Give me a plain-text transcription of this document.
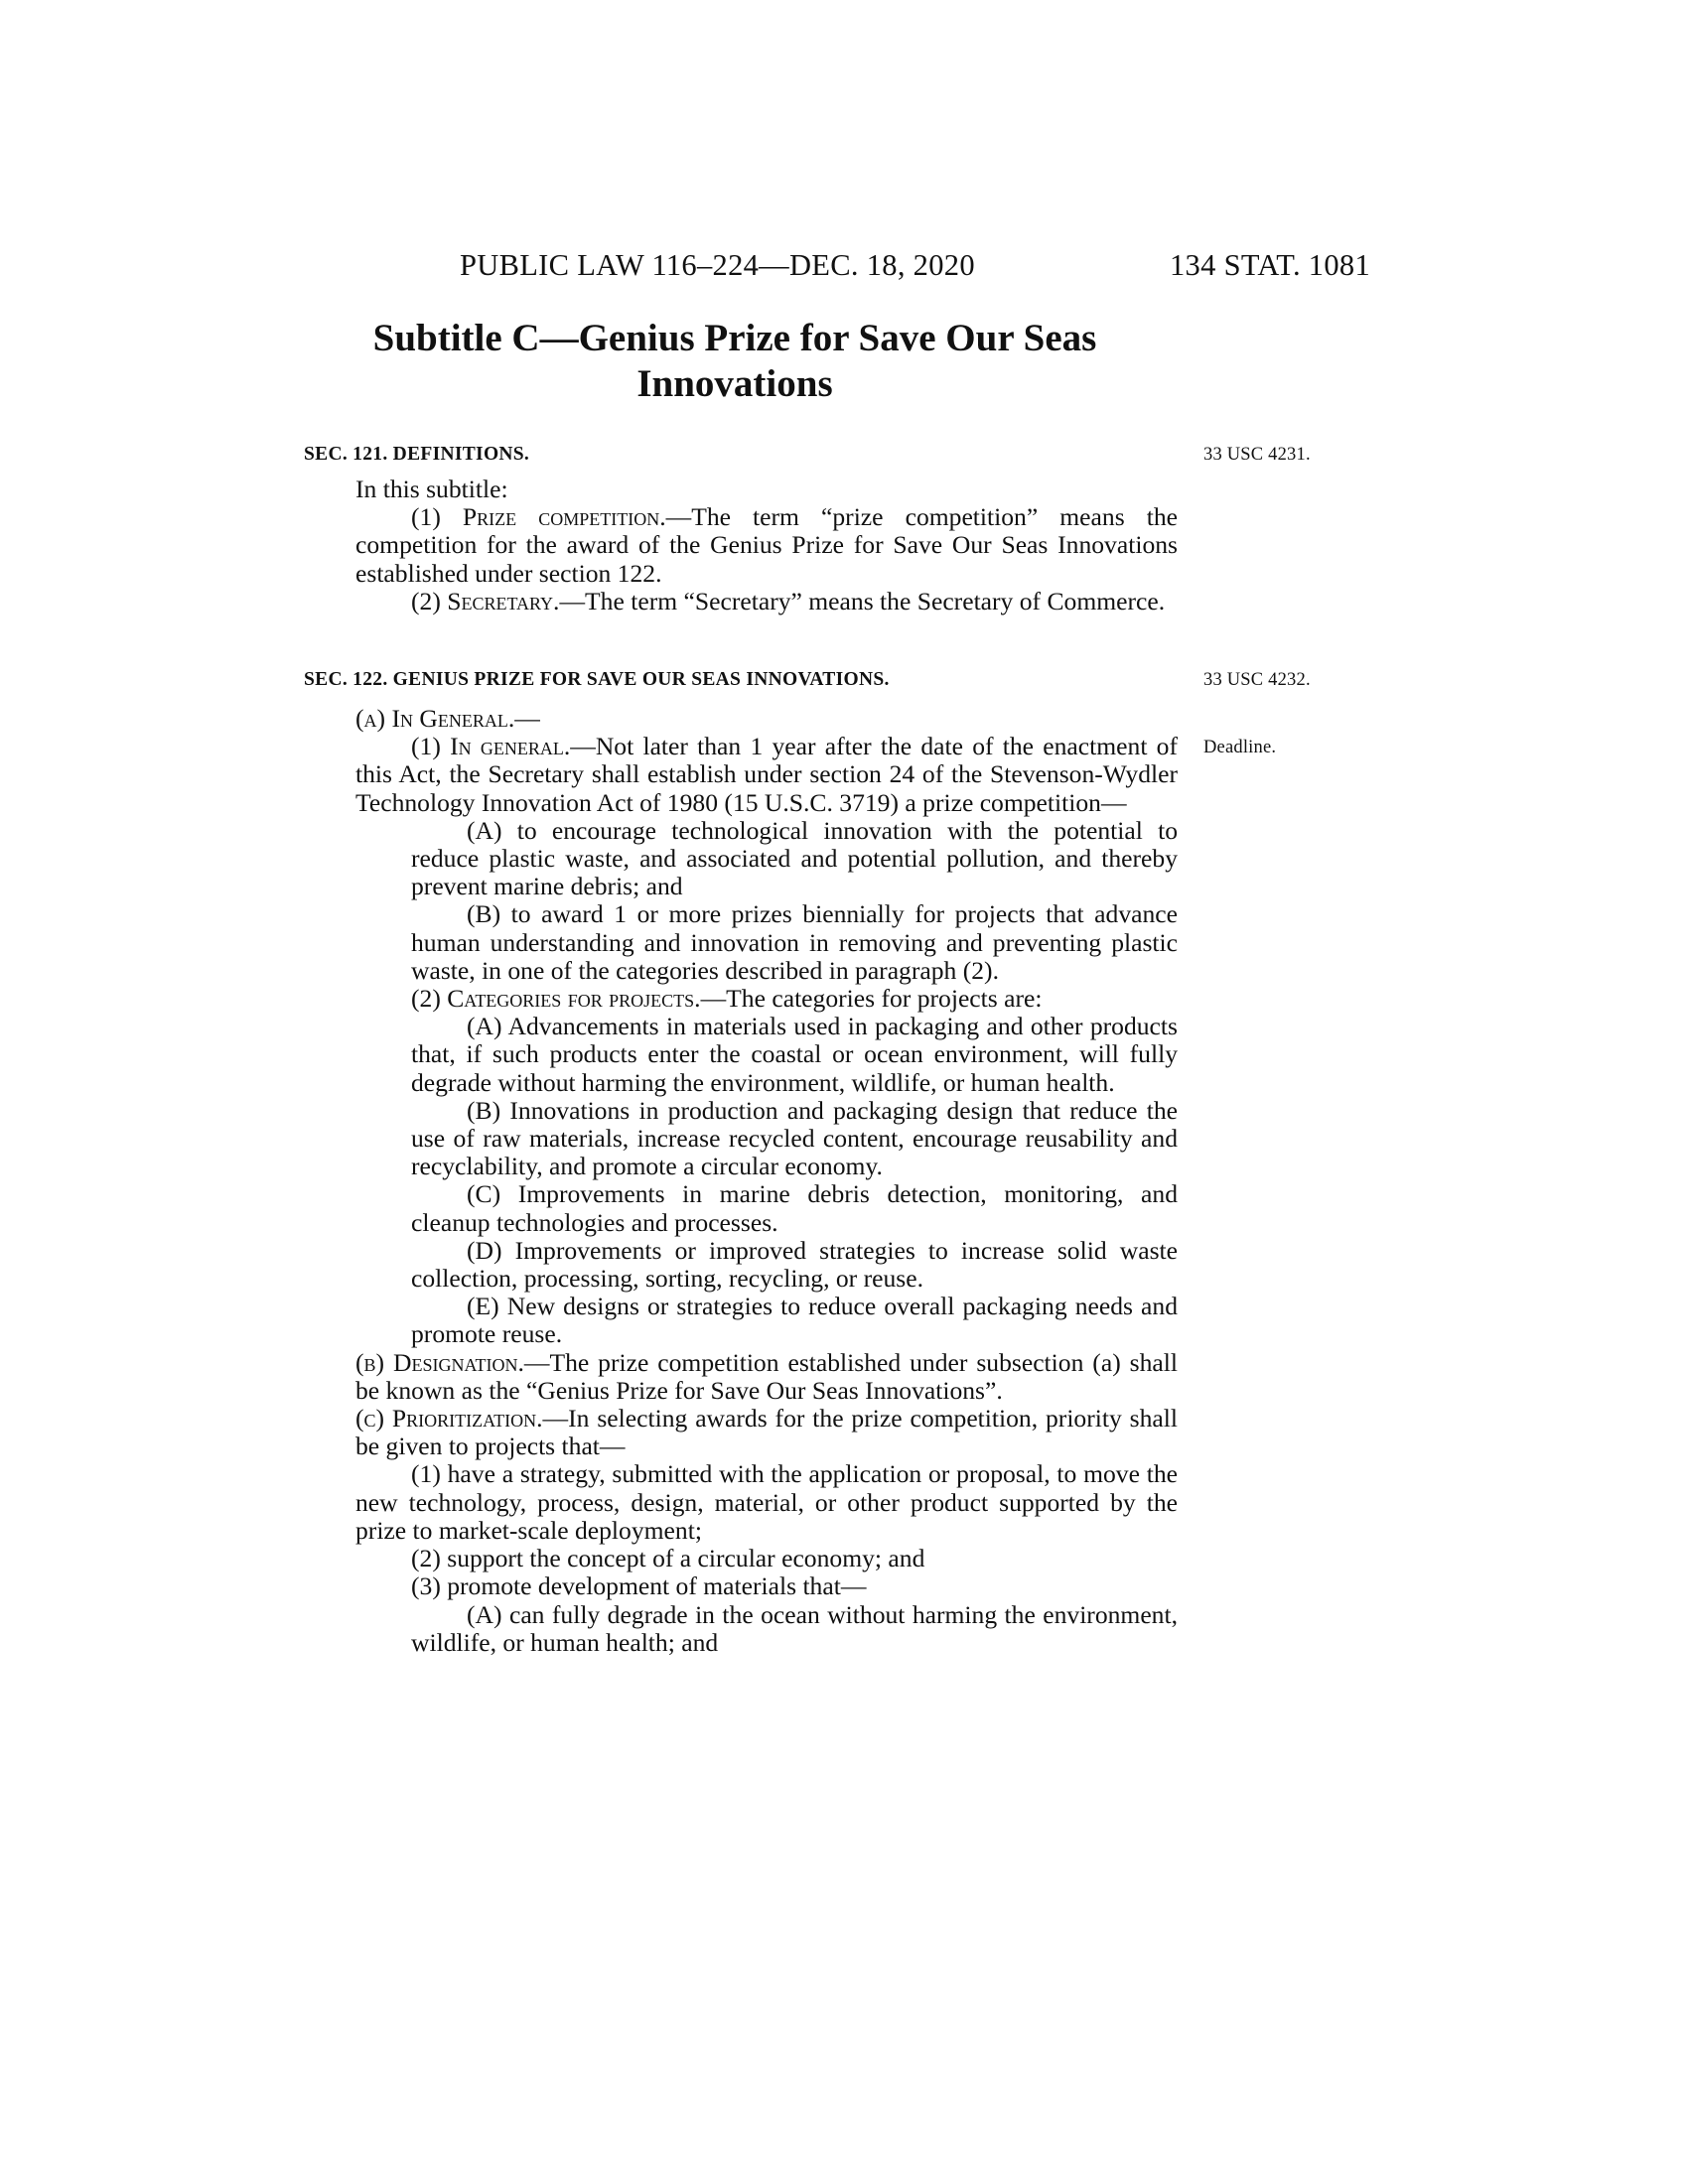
PUBLIC LAW 116–224—DEC. 18, 2020	134 STAT. 1081
Subtitle C—Genius Prize for Save Our Seas
Innovations
SEC. 121. DEFINITIONS.	33 USC 4231.

In this subtitle:

(1) Prize competition.—The term “prize competition” means the competition for the award of the Genius Prize for Save Our Seas Innovations established under section 122.

(2) Secretary.—The term “Secretary” means the Secretary of Commerce.

SEC. 122. GENIUS PRIZE FOR SAVE OUR SEAS INNOVATIONS.	33 USC 4232.
Deadline.

(a) In General.—

(1) In general.—Not later than 1 year after the date of the enactment of this Act, the Secretary shall establish under section 24 of the Stevenson-Wydler Technology Innovation Act of 1980 (15 U.S.C. 3719) a prize competition—

(A) to encourage technological innovation with the potential to reduce plastic waste, and associated and potential pollution, and thereby prevent marine debris; and

(B) to award 1 or more prizes biennially for projects that advance human understanding and innovation in removing and preventing plastic waste, in one of the categories described in paragraph (2).

(2) Categories for projects.—The categories for projects are:

(A) Advancements in materials used in packaging and other products that, if such products enter the coastal or ocean environment, will fully degrade without harming the environment, wildlife, or human health.

(B) Innovations in production and packaging design that reduce the use of raw materials, increase recycled content, encourage reusability and recyclability, and promote a circular economy.

(C) Improvements in marine debris detection, monitoring, and cleanup technologies and processes.

(D) Improvements or improved strategies to increase solid waste collection, processing, sorting, recycling, or reuse.

(E) New designs or strategies to reduce overall packaging needs and promote reuse.

(b) Designation.—The prize competition established under subsection (a) shall be known as the “Genius Prize for Save Our Seas Innovations”.

(c) Prioritization.—In selecting awards for the prize competition, priority shall be given to projects that—

(1) have a strategy, submitted with the application or proposal, to move the new technology, process, design, material, or other product supported by the prize to market-scale deployment;

(2) support the concept of a circular economy; and

(3) promote development of materials that—

(A) can fully degrade in the ocean without harming the environment, wildlife, or human health; and
